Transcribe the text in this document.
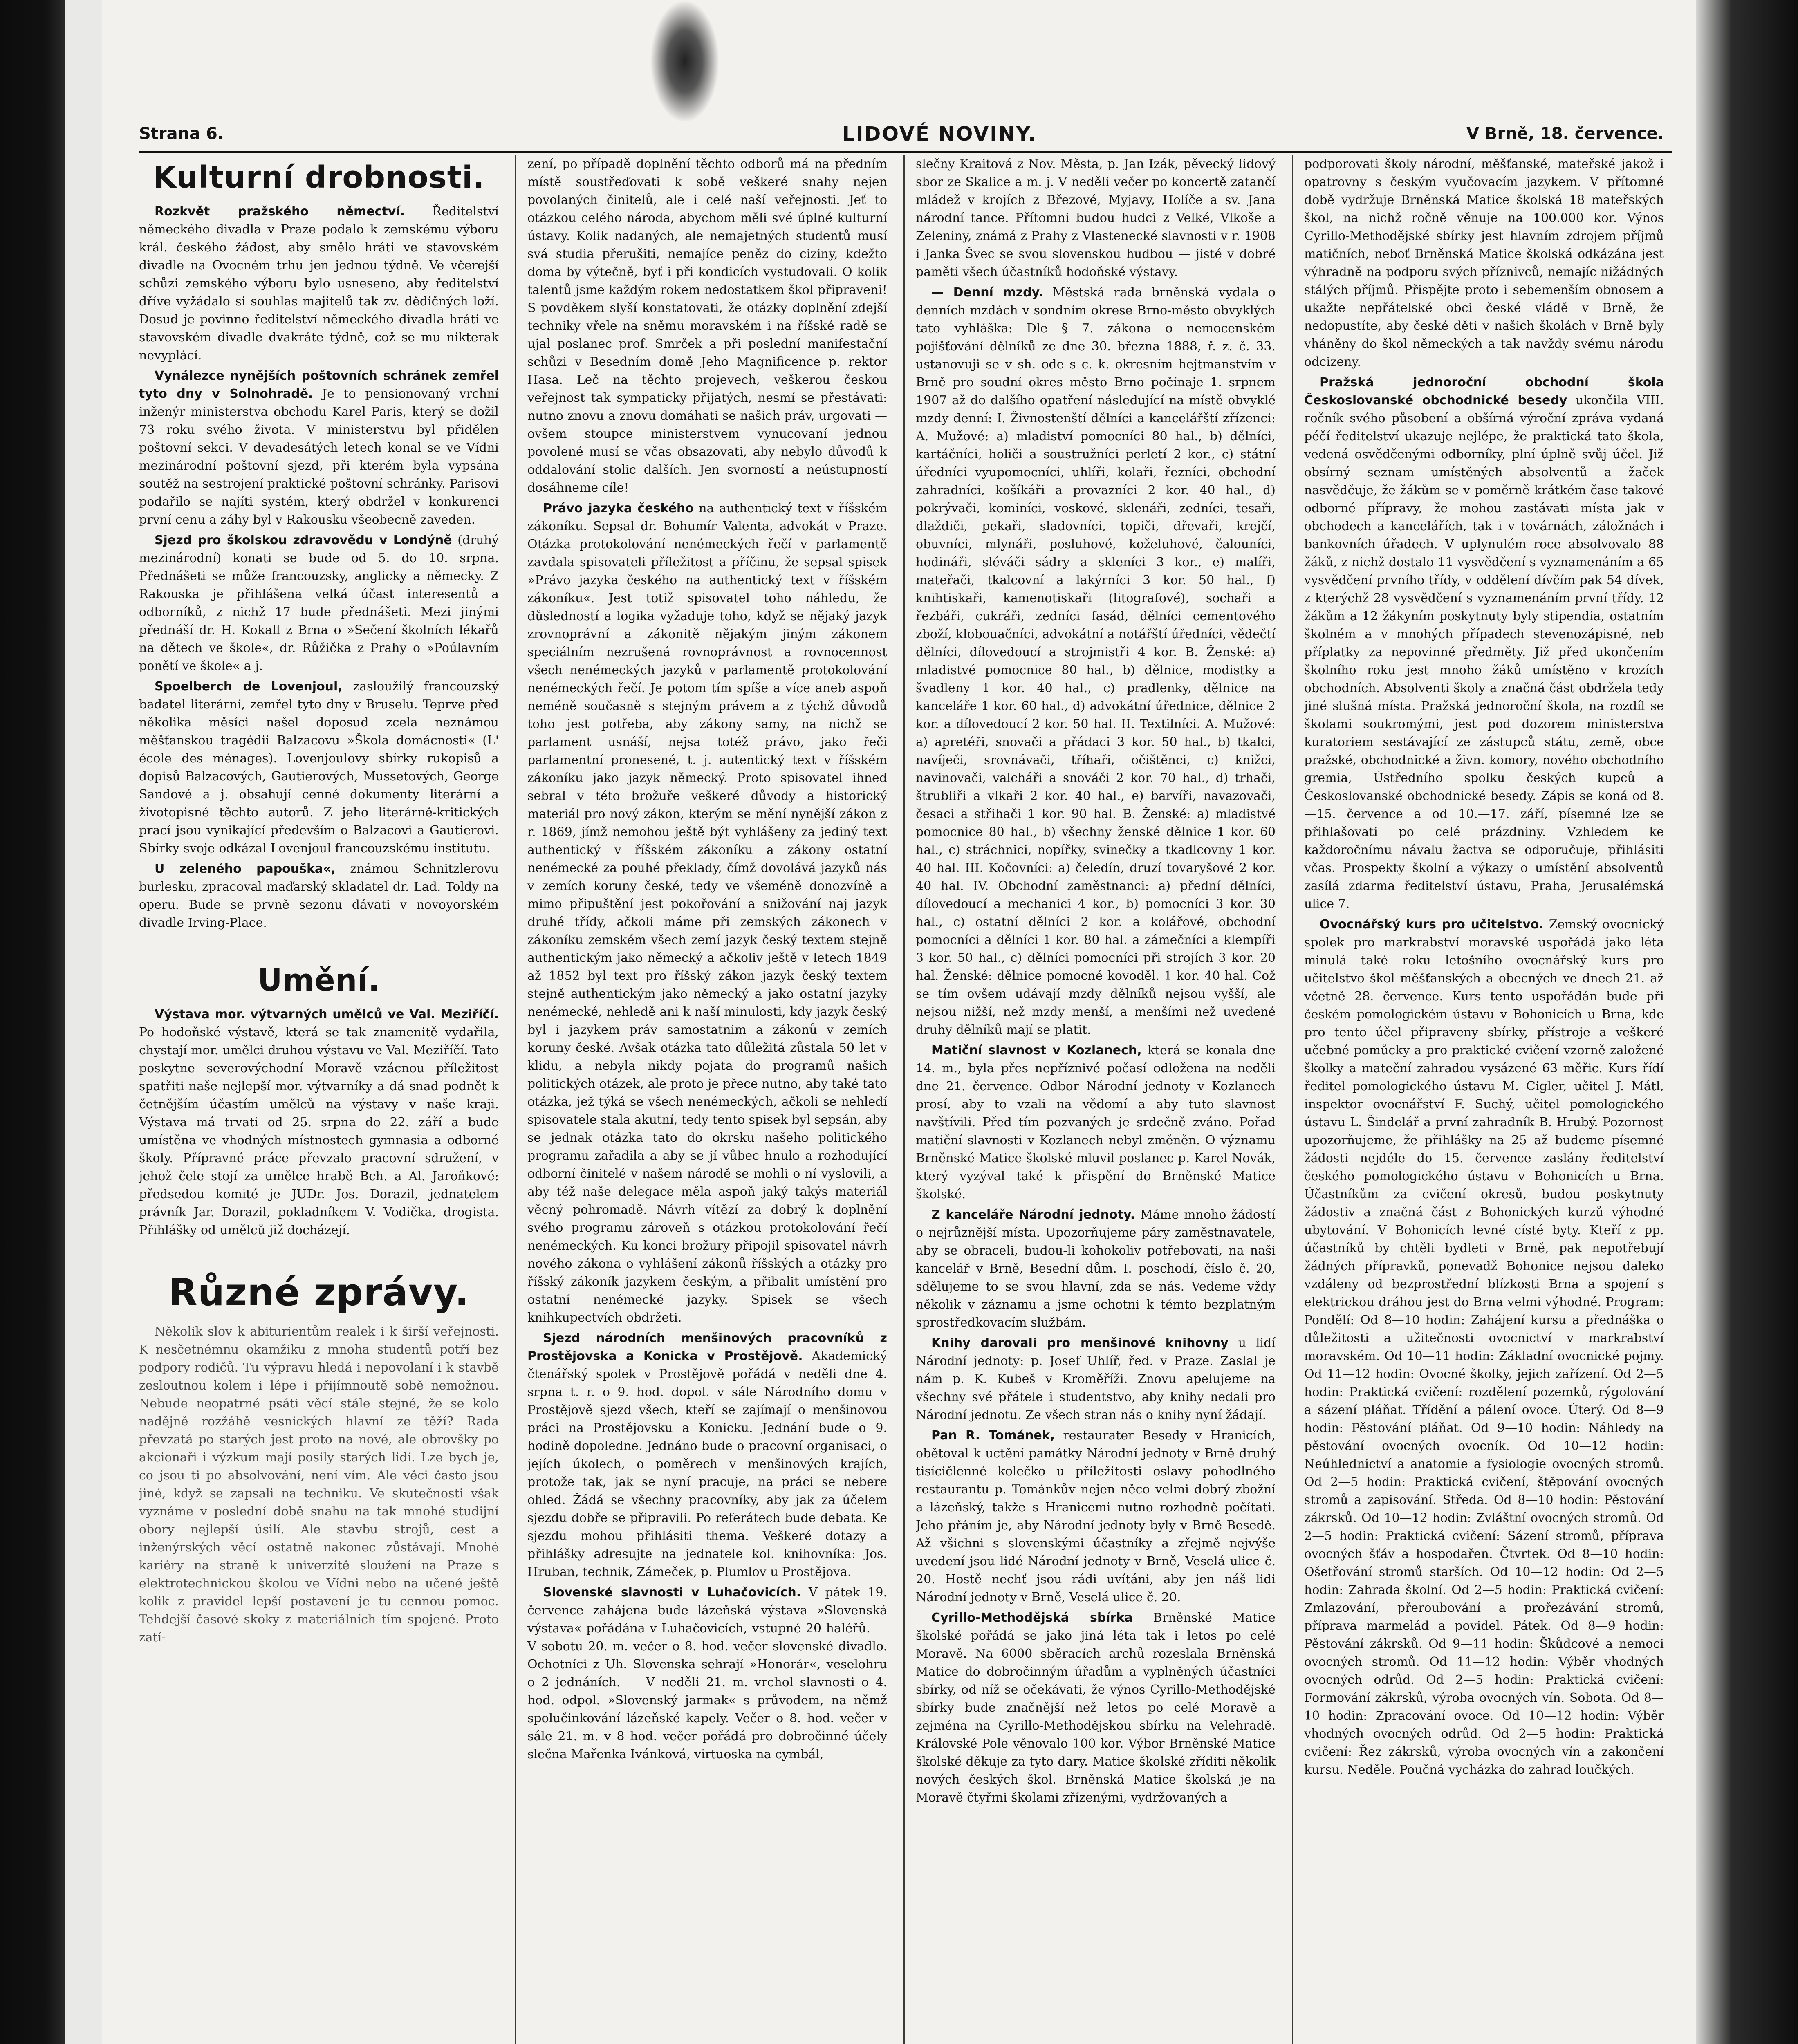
Strana 6.	LIDOVÉ NOVINY.	V Brně, 18. července.
Kulturní drobnosti.

Rozkvět pražského němectví. Ředitelství německého divadla v Praze podalo k zemskému výboru král. českého žádost, aby smělo hráti ve stavovském divadle na Ovocném trhu jen jednou týdně. Ve včerejší schůzi zemského výboru bylo usneseno, aby ředitelství dříve vyžádalo si souhlas majitelů tak zv. dědičných loží. Dosud je povinno ředitelství německého divadla hráti ve stavovském divadle dvakráte týdně, což se mu nikterak nevyplácí.

Vynálezce nynějších poštovních schránek zemřel tyto dny v Solnohradě. Je to pensionovaný vrchní inženýr ministerstva obchodu Karel Paris, který se dožil 73 roku svého života. V ministerstvu byl přidělen poštovní sekci. V devadesátých letech konal se ve Vídni mezinárodní poštovní sjezd, při kterém byla vypsána soutěž na sestrojení praktické poštovní schránky. Parisovi podařilo se najíti systém, který obdržel v konkurenci první cenu a záhy byl v Rakousku všeobecně zaveden.

Sjezd pro školskou zdravovědu v Londýně (druhý mezinárodní) konati se bude od 5. do 10. srpna. Přednášeti se může francouzsky, anglicky a německy. Z Rakouska je přihlášena velká účast interesentů a odborníků, z nichž 17 bude přednášeti. Mezi jinými přednáší dr. H. Kokall z Brna o »Sečení školních lékařů na dětech ve škole«, dr. Růžička z Prahy o »Poúlavním ponětí ve škole« a j.

Spoelberch de Lovenjoul, zasloužilý francouzský badatel literární, zemřel tyto dny v Bruselu. Teprve před několika měsíci našel doposud zcela neznámou měšťanskou tragédii Balzacovu »Škola domácnosti« (L' école des ménages). Lovenjoulovy sbírky rukopisů a dopisů Balzacových, Gautierových, Mussetových, George Sandové a j. obsahují cenné dokumenty literární a životopisné těchto autorů. Z jeho literárně-kritických prací jsou vynikající především o Balzacovi a Gautierovi. Sbírky svoje odkázal Lovenjoul francouzskému institutu.

U zeleného papouška«, známou Schnitzlerovu burlesku, zpracoval maďarský skladatel dr. Lad. Toldy na operu. Bude se prvně sezonu dávati v novoyorském divadle Irving-Place.

Umění.

Výstava mor. výtvarných umělců ve Val. Meziříčí. Po hodoňské výstavě, která se tak znamenitě vydařila, chystají mor. umělci druhou výstavu ve Val. Meziříčí. Tato poskytne severovýchodní Moravě vzácnou příležitost spatřiti naše nejlepší mor. výtvarníky a dá snad podnět k četnějším účastím umělců na výstavy v naše kraji. Výstava má trvati od 25. srpna do 22. září a bude umístěna ve vhodných místnostech gymnasia a odborné školy. Přípravné práce převzalo pracovní sdružení, v jehož čele stojí za umělce hrabě Bch. a Al. Jaroňkové: předsedou komité je JUDr. Jos. Dorazil, jednatelem právník Jar. Dorazil, pokladníkem V. Vodička, drogista. Přihlášky od umělců již docházejí.

Různé zprávy.

Několik slov k abiturientům realek i k širší veřejnosti. K nesčetnémnu okamžiku z mnoha studentů potří bez podpory rodičů. Tu výpravu hledá i nepovolaní i k stavbě zesloutnou kolem i lépe i přijímnoutě sobě nemožnou. Nebude neopatrné psáti věcí stále stejné, že se kolo nadějně rozžáhě vesnických hlavní ze těží? Rada převzatá po starých jest proto na nové, ale obrovšky po akcionaři i výzkum mají posily starých lidí. Lze bych je, co jsou ti po absolvování, není vím. Ale věci často jsou jiné, když se zapsali na techniku. Ve skutečnosti však vyznáme v poslední době snahu na tak mnohé studijní obory nejlepší úsilí. Ale stavbu strojů, cest a inženýrských věcí ostatně nakonec zůstávají. Mnohé kariéry na straně k univerzitě sloužení na Praze s elektrotechnickou školou ve Vídni nebo na učené ještě kolik z pravidel lepší postavení je tu cennou pomoc. Tehdejší časové skoky z materiálních tím spojené. Proto zatí-

zení, po případě doplnění těchto odborů má na předním místě soustřeďovati k sobě veškeré snahy nejen povolaných činitelů, ale i celé naší veřejnosti. Jeť to otázkou celého národa, abychom měli své úplné kulturní ústavy. Kolik nadaných, ale nemajetných studentů musí svá studia přerušiti, nemajíce peněz do ciziny, kdežto doma by výtečně, byť i při kondicích vystudovali. O kolik talentů jsme každým rokem nedostatkem škol připraveni! S povděkem slyší konstatovati, že otázky doplnění zdejší techniky vřele na sněmu moravském i na říšské radě se ujal poslanec prof. Smrček a při poslední manifestační schůzi v Besedním domě Jeho Magnificence p. rektor Hasa. Leč na těchto projevech, veškerou českou veřejnost tak sympaticky přijatých, nesmí se přestávati: nutno znovu a znovu domáhati se našich práv, urgovati — ovšem stoupce ministerstvem vynucovaní jednou povolené musí se včas obsazovati, aby nebylo důvodů k oddalování stolic dalších. Jen svorností a neústupností dosáhneme cíle!

Právo jazyka českého na authentický text v říšském zákoníku. Sepsal dr. Bohumír Valenta, advokát v Praze. Otázka protokolování nenémeckých řečí v parlamentě zavdala spisovateli příležitost a příčinu, že sepsal spisek »Právo jazyka českého na authentický text v říšském zákoníku«. Jest totiž spisovatel toho náhledu, že důsledností a logika vyžaduje toho, když se nějaký jazyk zrovnoprávní a zákonitě nějakým jiným zákonem speciálním nezrušená rovnoprávnost a rovnocennost všech nenémeckých jazyků v parlamentě protokolování nenémeckých řečí. Je potom tím spíše a více aneb aspoň neméně současně s stejným právem a z týchž důvodů toho jest potřeba, aby zákony samy, na nichž se parlament usnáší, nejsa totéž právo, jako řeči parlamentní pronesené, t. j. autentický text v říšském zákoníku jako jazyk německý. Proto spisovatel ihned sebral v této brožuře veškeré důvody a historický materiál pro nový zákon, kterým se mění nynější zákon z r. 1869, jímž nemohou ještě být vyhlášeny za jediný text authentický v říšském zákoníku a zákony ostatní nenémecké za pouhé překlady, čímž dovolává jazyků nás v zemích koruny české, tedy ve všeméně donozvíně a mimo připuštění jest pokořování a snižování naj jazyk druhé třídy, ačkoli máme při zemských zákonech v zákoníku zemském všech zemí jazyk český textem stejně authentickým jako německý a ačkoliv ještě v letech 1849 až 1852 byl text pro říšský zákon jazyk český textem stejně authentickým jako německý a jako ostatní jazyky nenémecké, nehledě ani k naší minulosti, kdy jazyk český byl i jazykem práv samostatnim a zákonů v zemích koruny české. Avšak otázka tato důležitá zůstala 50 let v klidu, a nebyla nikdy pojata do programů našich politických otázek, ale proto je přece nutno, aby také tato otázka, jež týká se všech nenémeckých, ačkoli se nehledí spisovatele stala akutní, tedy tento spisek byl sepsán, aby se jednak otázka tato do okrsku našeho politického programu zařadila a aby se jí vůbec hnulo a rozhodující odborní činitelé v našem národě se mohli o ní vyslovili, a aby též naše delegace měla aspoň jaký takýs materiál věcný pohromadě. Návrh vítězí za dobrý k doplnění svého programu zároveň s otázkou protokolování řečí nenémeckých. Ku konci brožury připojil spisovatel návrh nového zákona o vyhlášení zákonů říšských a otázky pro říšský zákoník jazykem českým, a přibalit umístění pro ostatní nenémecké jazyky. Spisek se všech knihkupectvích obdržeti.

Sjezd národních menšinových pracovníků z Prostějovska a Konicka v Prostějově. Akademický čtenářský spolek v Prostějově pořádá v neděli dne 4. srpna t. r. o 9. hod. dopol. v sále Národního domu v Prostějově sjezd všech, kteří se zajímají o menšinovou práci na Prostějovsku a Konicku. Jednání bude o 9. hodině dopoledne. Jednáno bude o pracovní organisaci, o jejích úkolech, o poměrech v menšinových krajích, protože tak, jak se nyní pracuje, na práci se nebere ohled. Žádá se všechny pracovníky, aby jak za účelem sjezdu dobře se připravili. Po referátech bude debata. Ke sjezdu mohou přihlásiti thema. Veškeré dotazy a přihlášky adresujte na jednatele kol. knihovníka: Jos. Hruban, technik, Zámeček, p. Plumlov u Prostějova.

Slovenské slavnosti v Luhačovicích. V pátek 19. července zahájena bude lázeňská výstava »Slovenská výstava« pořádána v Luhačovicích, vstupné 20 haléřů. — V sobotu 20. m. večer o 8. hod. večer slovenské divadlo. Ochotníci z Uh. Slovenska sehrají »Honorár«, veselohru o 2 jednáních. — V neděli 21. m. vrchol slavnosti o 4. hod. odpol. »Slovenský jarmak« s průvodem, na němž spolučinkování lázeňské kapely. Večer o 8. hod. večer v sále 21. m. v 8 hod. večer pořádá pro dobročinné účely slečna Mařenka Ivánková, virtuoska na cymbál,

slečny Kraitová z Nov. Města, p. Jan Izák, pěvecký lidový sbor ze Skalice a m. j. V neděli večer po koncertě zatančí mládež v krojích z Březové, Myjavy, Holíče a sv. Jana národní tance. Přítomni budou hudci z Velké, Vlkoše a Zeleniny, známá z Prahy z Vlastenecké slavnosti v r. 1908 i Janka Švec se svou slovenskou hudbou — jisté v dobré paměti všech účastníků hodoňské výstavy.

— Denní mzdy. Městská rada brněnská vydala o denních mzdách v sondním okrese Brno-město obvyklých tato vyhláška: Dle § 7. zákona o nemocenském pojišťování dělníků ze dne 30. března 1888, ř. z. č. 33. ustanovuji se v sh. ode s c. k. okresním hejtmanstvím v Brně pro soudní okres město Brno počínaje 1. srpnem 1907 až do dalšího opatření následující na místě obvyklé mzdy denní: I. Živnostenští dělníci a kancelářští zřízenci: A. Mužové: a) mladiství pomocníci 80 hal., b) dělníci, kartáčníci, holiči a soustružníci perletí 2 kor., c) státní úředníci vyupomocníci, uhlíři, kolaři, řezníci, obchodní zahradníci, košíkáři a provazníci 2 kor. 40 hal., d) pokrývači, kominíci, voskové, sklenáři, zedníci, tesaři, dlaždiči, pekaři, sladovníci, topiči, dřevaři, krejčí, obuvníci, mlynáři, posluhové, koželuhové, čalouníci, hodináři, sléváči sádry a skleníci 3 kor., e) malíři, mateřači, tkalcovní a lakýrníci 3 kor. 50 hal., f) knihtiskaři, kamenotiskaři (litografové), sochaři a řezbáři, cukráři, zedníci fasád, dělníci cementového zboží, klobouačníci, advokátní a notářští úředníci, vědečtí dělníci, dílovedoucí a strojmistři 4 kor. B. Ženské: a) mladistvé pomocnice 80 hal., b) dělnice, modistky a švadleny 1 kor. 40 hal., c) pradlenky, dělnice na kanceláře 1 kor. 60 hal., d) advokátní úřednice, dělnice 2 kor. a dílovedoucí 2 kor. 50 hal. II. Textilníci. A. Mužové: a) apretéři, snovači a přádaci 3 kor. 50 hal., b) tkalci, navíječi, srovnávači, tříhaři, očištěnci, c) knižci, navinovači, valcháři a snováči 2 kor. 70 hal., d) trhači, štrubliři a vlkaři 2 kor. 40 hal., e) barvíři, navazovači, česaci a střihači 1 kor. 90 hal. B. Ženské: a) mladistvé pomocnice 80 hal., b) všechny ženské dělnice 1 kor. 60 hal., c) stráchnici, nopířky, svinečky a tkadlcovny 1 kor. 40 hal. III. Kočovníci: a) čeledín, druzí tovaryšové 2 kor. 40 hal. IV. Obchodní zaměstnanci: a) přední dělníci, dílovedoucí a mechanici 4 kor., b) pomocníci 3 kor. 30 hal., c) ostatní dělníci 2 kor. a kolářové, obchodní pomocníci a dělníci 1 kor. 80 hal. a zámečníci a klempíři 3 kor. 50 hal., c) dělníci pomocníci při strojích 3 kor. 20 hal. Ženské: dělnice pomocné kovoděl. 1 kor. 40 hal. Což se tím ovšem udávají mzdy dělníků nejsou vyšší, ale nejsou nižší, než mzdy menší, a menšími než uvedené druhy dělníků mají se platit.

Matiční slavnost v Kozlanech, která se konala dne 14. m., byla přes nepříznivé počasí odložena na neděli dne 21. července. Odbor Národní jednoty v Kozlanech prosí, aby to vzali na vědomí a aby tuto slavnost navštívili. Před tím pozvaných je srdečně zváno. Pořad matiční slavnosti v Kozlanech nebyl změněn. O významu Brněnské Matice školské mluvil poslanec p. Karel Novák, který vyzýval také k přispění do Brněnské Matice školské.

Z kanceláře Národní jednoty. Máme mnoho žádostí o nejrůznější místa. Upozorňujeme páry zaměstnavatele, aby se obraceli, budou-li kohokoliv potřebovati, na naši kancelář v Brně, Besední dům. I. poschodí, číslo č. 20, sdělujeme to se svou hlavní, zda se nás. Vedeme vždy několik v záznamu a jsme ochotni k témto bezplatným sprostředkovacím službám.

Knihy darovali pro menšinové knihovny u lidí Národní jednoty: p. Josef Uhlíř, řed. v Praze. Zaslal je nám p. K. Kubeš v Kroměříži. Znovu apelujeme na všechny své přátele i studentstvo, aby knihy nedali pro Národní jednotu. Ze všech stran nás o knihy nyní žádají.

Pan R. Tománek, restaurater Besedy v Hranicích, obětoval k uctění památky Národní jednoty v Brně druhý tisícičlenné kolečko u příležitosti oslavy pohodlného restaurantu p. Tománkův nejen něco velmi dobrý zbožní a lázeňský, takže s Hranicemi nutno rozhodně počítati. Jeho přáním je, aby Národní jednoty byly v Brně Besedě. Až všichni s slovenskými účastníky a zřejmě nejvýše uvedení jsou lidé Národní jednoty v Brně, Veselá ulice č. 20. Hostě nechť jsou rádi uvítáni, aby jen náš lidi Národní jednoty v Brně, Veselá ulice č. 20.

Cyrillo-Methodějská sbírka Brněnské Matice školské pořádá se jako jiná léta tak i letos po celé Moravě. Na 6000 sběracích archů rozeslala Brněnská Matice do dobročinným úřadům a vyplněných účastníci sbírky, od níž se očekávati, že výnos Cyrillo-Methodějské sbírky bude značnější než letos po celé Moravě a zejména na Cyrillo-Methodějskou sbírku na Velehradě. Královské Pole věnovalo 100 kor. Výbor Brněnské Matice školské děkuje za tyto dary. Matice školské zříditi několik nových českých škol. Brněnská Matice školská je na Moravě čtyřmi školami zřízenými, vydržovaných a

podporovati školy národní, měšťanské, mateřské jakož i opatrovny s českým vyučovacím jazykem. V přítomné době vydržuje Brněnská Matice školská 18 mateřských škol, na nichž ročně věnuje na 100.000 kor. Výnos Cyrillo-Methodějské sbírky jest hlavním zdrojem příjmů matičních, neboť Brněnská Matice školská odkázána jest výhradně na podporu svých příznivců, nemajíc nižádných stálých příjmů. Přispějte proto i sebemenším obnosem a ukažte nepřátelské obci české vládě v Brně, že nedopustíte, aby české děti v našich školách v Brně byly vháněny do škol německých a tak navždy svému národu odcizeny.

Pražská jednoroční obchodní škola Českoslovanské obchodnické besedy ukončila VIII. ročník svého působení a obšírná výroční zpráva vydaná péčí ředitelství ukazuje nejlépe, že praktická tato škola, vedená osvědčenými odborníky, plní úplně svůj účel. Již obsírný seznam umístěných absolventů a žaček nasvědčuje, že žákům se v poměrně krátkém čase takové odborné přípravy, že mohou zastávati místa jak v obchodech a kancelářích, tak i v továrnách, záložnách i bankovních úřadech. V uplynulém roce absolvovalo 88 žáků, z nichž dostalo 11 vysvědčení s vyznamenáním a 65 vysvědčení prvního třídy, v oddělení dívčím pak 54 dívek, z kterýchž 28 vysvědčení s vyznamenáním první třídy. 12 žákům a 12 žákyním poskytnuty byly stipendia, ostatním školném a v mnohých případech stevenozápisné, neb příplatky za nepovinné předměty. Již před ukončením školního roku jest mnoho žáků umístěno v krozích obchodních. Absolventi školy a značná část obdržela tedy jiné slušná místa. Pražská jednoroční škola, na rozdíl se školami soukromými, jest pod dozorem ministerstva kuratoriem sestávající ze zástupců státu, země, obce pražské, obchodnické a živn. komory, nového obchodního gremia, Ústředního spolku českých kupců a Českoslovanské obchodnické besedy. Zápis se koná od 8.—15. července a od 10.—17. září, písemné lze se přihlašovati po celé prázdniny. Vzhledem ke každoročnímu návalu žactva se odporučuje, přihlásiti včas. Prospekty školní a výkazy o umístění absolventů zasílá zdarma ředitelství ústavu, Praha, Jerusalémská ulice 7.

Ovocnářský kurs pro učitelstvo. Zemský ovocnický spolek pro markrabství moravské uspořádá jako léta minulá také roku letošního ovocnářský kurs pro učitelstvo škol měšťanských a obecných ve dnech 21. až včetně 28. července. Kurs tento uspořádán bude při českém pomologickém ústavu v Bohonicích u Brna, kde pro tento účel připraveny sbírky, přístroje a veškeré učebné pomůcky a pro praktické cvičení vzorně založené školky a mateční zahradou vysázené 63 měřic. Kurs řídí ředitel pomologického ústavu M. Cigler, učitel J. Mátl, inspektor ovocnářství F. Suchý, učitel pomologického ústavu L. Šindelář a první zahradník B. Hrubý. Pozornost upozorňujeme, že přihlášky na 25 až budeme písemné žádosti nejdéle do 15. července zaslány ředitelství českého pomologického ústavu v Bohonicích u Brna. Účastníkům za cvičení okresů, budou poskytnuty žádostiv a značná část z Bohonických kurzů výhodné ubytování. V Bohonicích levné císté byty. Kteří z pp. účastníků by chtěli bydleti v Brně, pak nepotřebují žádných přípravků, ponevadž Bohonice nejsou daleko vzdáleny od bezprostřední blízkosti Brna a spojení s elektrickou dráhou jest do Brna velmi výhodné. Program: Pondělí: Od 8—10 hodin: Zahájení kursu a přednáška o důležitosti a užitečnosti ovocnictví v markrabství moravském. Od 10—11 hodin: Základní ovocnické pojmy. Od 11—12 hodin: Ovocné školky, jejich zařízení. Od 2—5 hodin: Praktická cvičení: rozdělení pozemků, rýgolování a sázení pláňat. Třídění a pálení ovoce. Úterý. Od 8—9 hodin: Pěstování pláňat. Od 9—10 hodin: Náhledy na pěstování ovocných ovocník. Od 10—12 hodin: Neúhlednictví a anatomie a fysiologie ovocných stromů. Od 2—5 hodin: Praktická cvičení, štěpování ovocných stromů a zapisování. Středa. Od 8—10 hodin: Pěstování zákrsků. Od 10—12 hodin: Zvláštní ovocných stromů. Od 2—5 hodin: Praktická cvičení: Sázení stromů, příprava ovocných šťáv a hospodařen. Čtvrtek. Od 8—10 hodin: Ošetřování stromů starších. Od 10—12 hodin: Od 2—5 hodin: Zahrada školní. Od 2—5 hodin: Praktická cvičení: Zmlazování, přeroubování a prořezávání stromů, příprava marmelád a povidel. Pátek. Od 8—9 hodin: Pěstování zákrsků. Od 9—11 hodin: Škůdcové a nemoci ovocných stromů. Od 11—12 hodin: Výběr vhodných ovocných odrůd. Od 2—5 hodin: Praktická cvičení: Formování zákrsků, výroba ovocných vín. Sobota. Od 8—10 hodin: Zpracování ovoce. Od 10—12 hodin: Výběr vhodných ovocných odrůd. Od 2—5 hodin: Praktická cvičení: Řez zákrsků, výroba ovocných vín a zakončení kursu. Neděle. Poučná vycházka do zahrad loučkých.
